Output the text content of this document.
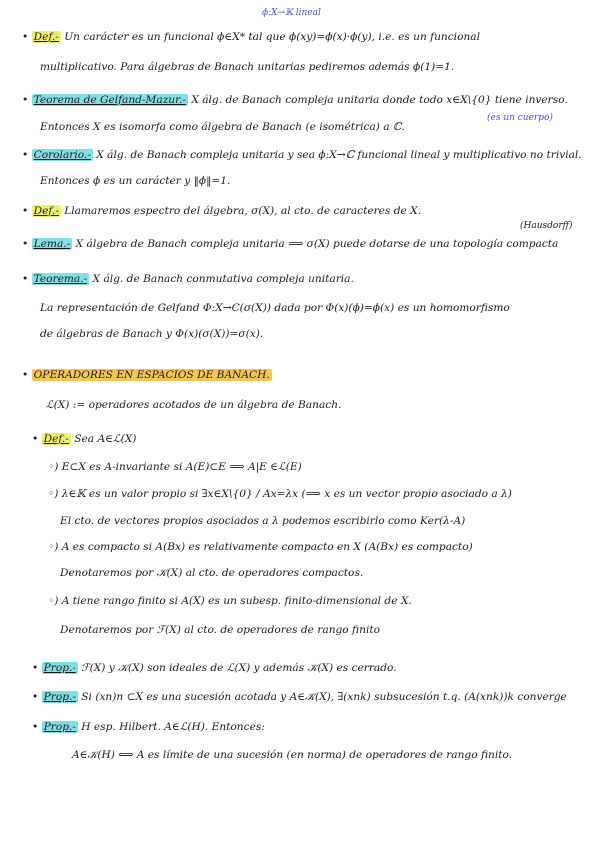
• Def.- Un carácter es un funcional ϕ∈X* tal que ϕ(xy)=ϕ(x)·ϕ(y), i.e. es un funcional
multiplicativo. Para álgebras de Banach unitarias pediremos además ϕ(1)=1.
• Teorema de Gelfand-Mazur.- X álg. de Banach compleja unitaria donde todo x∈X\{0} tiene inverso.
Entonces X es isomorfa como álgebra de Banach (e isométrica) a ℂ.
• Corolario.- X álg. de Banach compleja unitaria y sea ϕ:X→ℂ funcional lineal y multiplicativo no trivial.
Entonces ϕ es un carácter y ‖ϕ‖=1.
• Def.- Llamaremos espectro del álgebra, σ(X), al cto. de caracteres de X.
• Lema.- X álgebra de Banach compleja unitaria ⟹ σ(X) puede dotarse de una topología compacta
• Teorema.- X álg. de Banach conmutativa compleja unitaria.
La representación de Gelfand Φ:X→C(σ(X)) dada por Φ(x)(ϕ)=ϕ(x) es un homomorfismo
de álgebras de Banach y Φ(x)(σ(X))=σ(x).
• OPERADORES EN ESPACIOS DE BANACH.
ℒ(X) := operadores acotados de un álgebra de Banach.
• Def.- Sea A∈ℒ(X)
◦) E⊂X es A-invariante si A(E)⊂E ⟹ A|E ∈ℒ(E)
◦) λ∈𝕂 es un valor propio si ∃x∈X\{0} / Ax=λx (⟹ x es un vector propio asociado a λ)
El cto. de vectores propios asociados a λ podemos escribirlo como Ker(λ-A)
◦) A es compacto si A(Bx) es relativamente compacto en X (A(Bx) es compacto)
Denotaremos por 𝒦(X) al cto. de operadores compactos.
◦) A tiene rango finito si A(X) es un subesp. finito-dimensional de X.
Denotaremos por ℱ(X) al cto. de operadores de rango finito
• Prop.- ℱ(X) y 𝒦(X) son ideales de ℒ(X) y además 𝒦(X) es cerrado.
• Prop.- Si (xn)n ⊂X es una sucesión acotada y A∈𝒦(X), ∃(xnk) subsucesión t.q. (A(xnk))k converge
• Prop.- H esp. Hilbert. A∈ℒ(H). Entonces:
A∈𝒦(H) ⟺ A es límite de una sucesión (en norma) de operadores de rango finito.
ϕ:X→𝕂 lineal
(es un cuerpo)
(Hausdorff)
